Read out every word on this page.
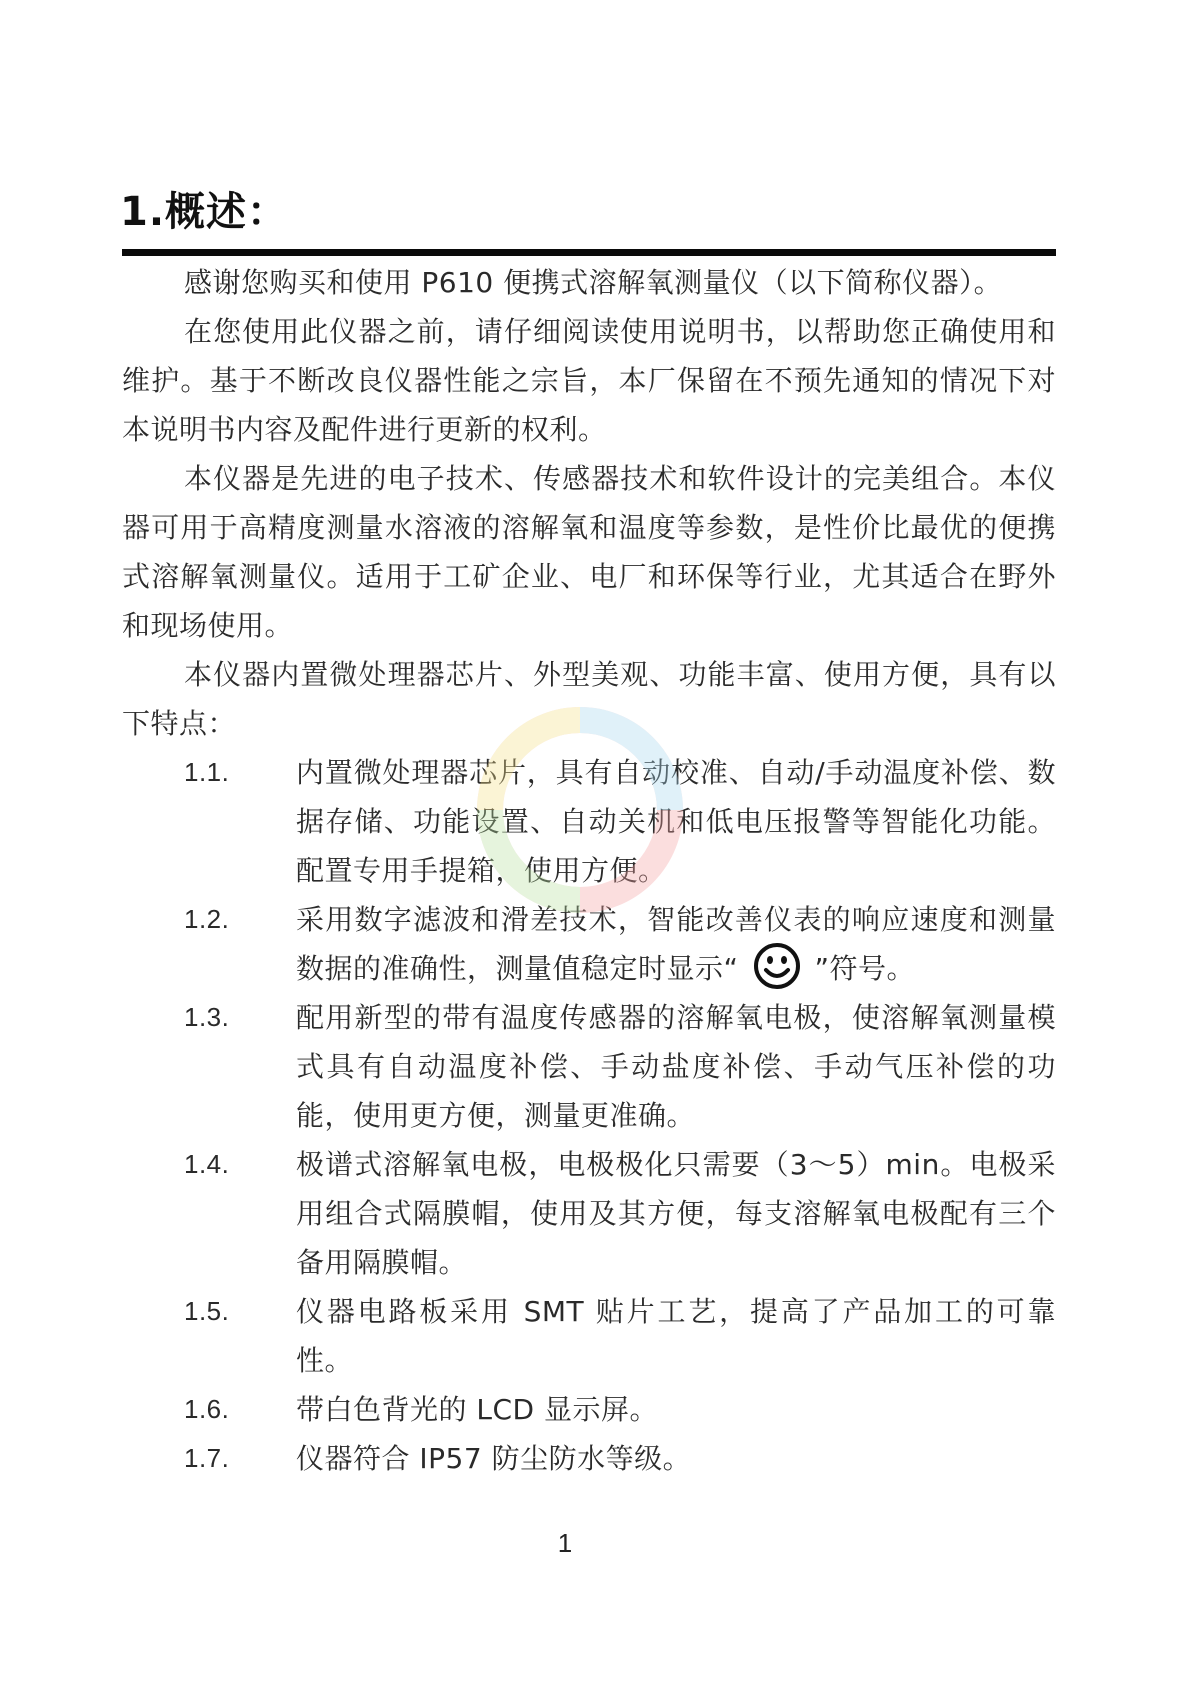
1.概述：
感谢您购买和使用 P610 便携式溶解氧测量仪（以下简称仪器）。
在您使用此仪器之前，请仔细阅读使用说明书，以帮助您正确使用和维护。基于不断改良仪器性能之宗旨，本厂保留在不预先通知的情况下对本说明书内容及配件进行更新的权利。
本仪器是先进的电子技术、传感器技术和软件设计的完美组合。本仪器可用于高精度测量水溶液的溶解氧和温度等参数，是性价比最优的便携式溶解氧测量仪。适用于工矿企业、电厂和环保等行业，尤其适合在野外和现场使用。
本仪器内置微处理器芯片、外型美观、功能丰富、使用方便，具有以下特点：
1.1. 内置微处理器芯片，具有自动校准、自动/手动温度补偿、数据存储、功能设置、自动关机和低电压报警等智能化功能。配置专用手提箱，使用方便。
1.2. 采用数字滤波和滑差技术，智能改善仪表的响应速度和测量数据的准确性，测量值稳定时显示“	”符号。
1.3. 配用新型的带有温度传感器的溶解氧电极，使溶解氧测量模式具有自动温度补偿、手动盐度补偿、手动气压补偿的功能，使用更方便，测量更准确。
1.4. 极谱式溶解氧电极，电极极化只需要（3～5）min。电极采用组合式隔膜帽，使用及其方便，每支溶解氧电极配有三个备用隔膜帽。
1.5. 仪器电路板采用 SMT 贴片工艺，提高了产品加工的可靠性。
1.6. 带白色背光的 LCD 显示屏。
1.7. 仪器符合 IP57 防尘防水等级。
1
